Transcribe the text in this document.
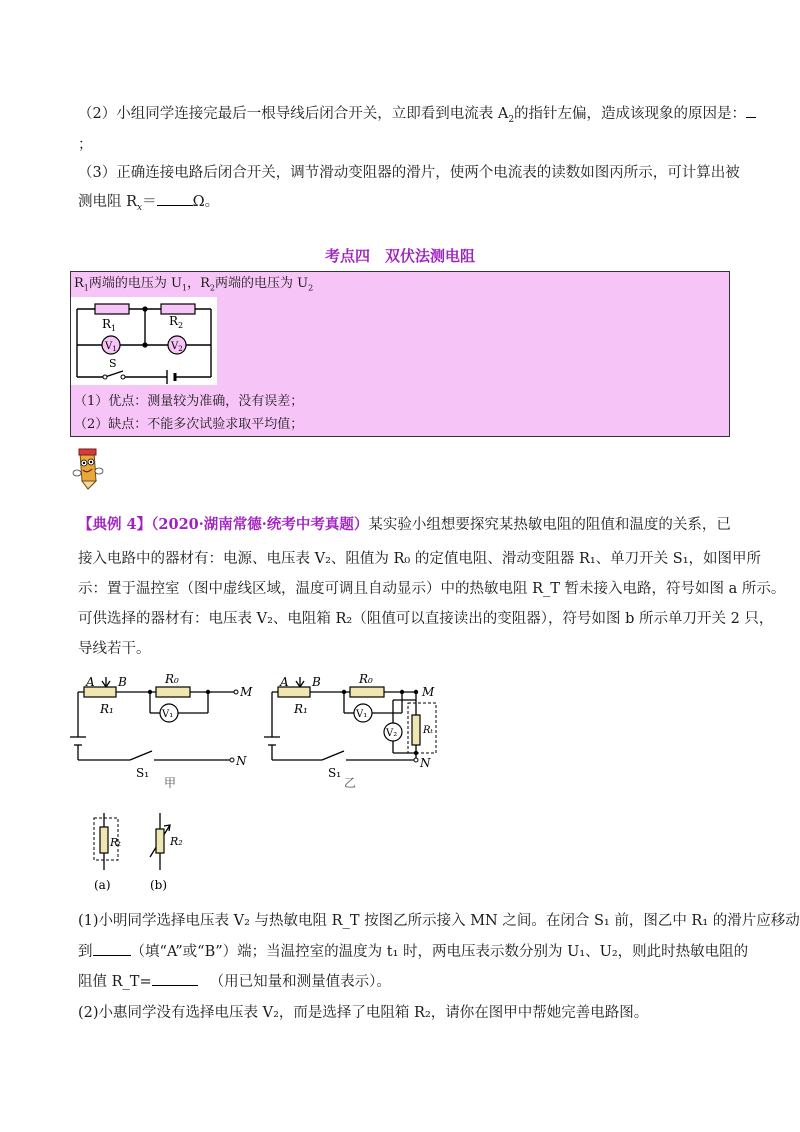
（2）小组同学连接完最后一根导线后闭合开关，立即看到电流表 $A_2$的指针左偏，造成该现象的原因是：
；
（3）正确连接电路后闭合开关，调节滑动变阻器的滑片，使两个电流表的读数如图丙所示，可计算出被
测电阻 $R_x= \Omega$。
考点四　双伏法测电阻
$R_1$两端的电压为 $U_1$，$R_2$两端的电压为 $U_2$
$R_1$
$R_2$
$V_1$	$V_2$
S
（1）优点：测量较为准确，没有误差；
（2）缺点：不能多次试验求取平均值；
【典例 4】（2020·湖南常德·统考中考真题）某实验小组想要探究某热敏电阻的阻值和温度的关系，已
接入电路中的器材有：电源、电压表 V₂、阻值为 R₀ 的定值电阻、滑动变阻器 R₁、单刀开关 S₁，如图甲所
示：置于温控室（图中虚线区域，温度可调且自动显示）中的热敏电阻 R_T 暂未接入电路，符号如图 a 所示。
可供选择的器材有：电压表 V₂、电阻箱 R₂（阻值可以直接读出的变阻器），符号如图 b 所示单刀开关 2 只，
导线若干。
A B	R₀
R₁	V₁
M
N
S₁
甲
A B	R₀
R₁	V₁
V₂	Rₜ
M
N
S₁
乙
Rₜ
(a)
R₂
(b)
(1)小明同学选择电压表 V₂ 与热敏电阻 R_T 按图乙所示接入 MN 之间。在闭合 S₁ 前，图乙中 R₁ 的滑片应移动
到	（填“A”或“B”）端；当温控室的温度为 t₁ 时，两电压表示数分别为 U₁、U₂，则此时热敏电阻的
阻值 R_T=	（用已知量和测量值表示）。
(2)小惠同学没有选择电压表 V₂，而是选择了电阻箱 R₂，请你在图甲中帮她完善电路图。
